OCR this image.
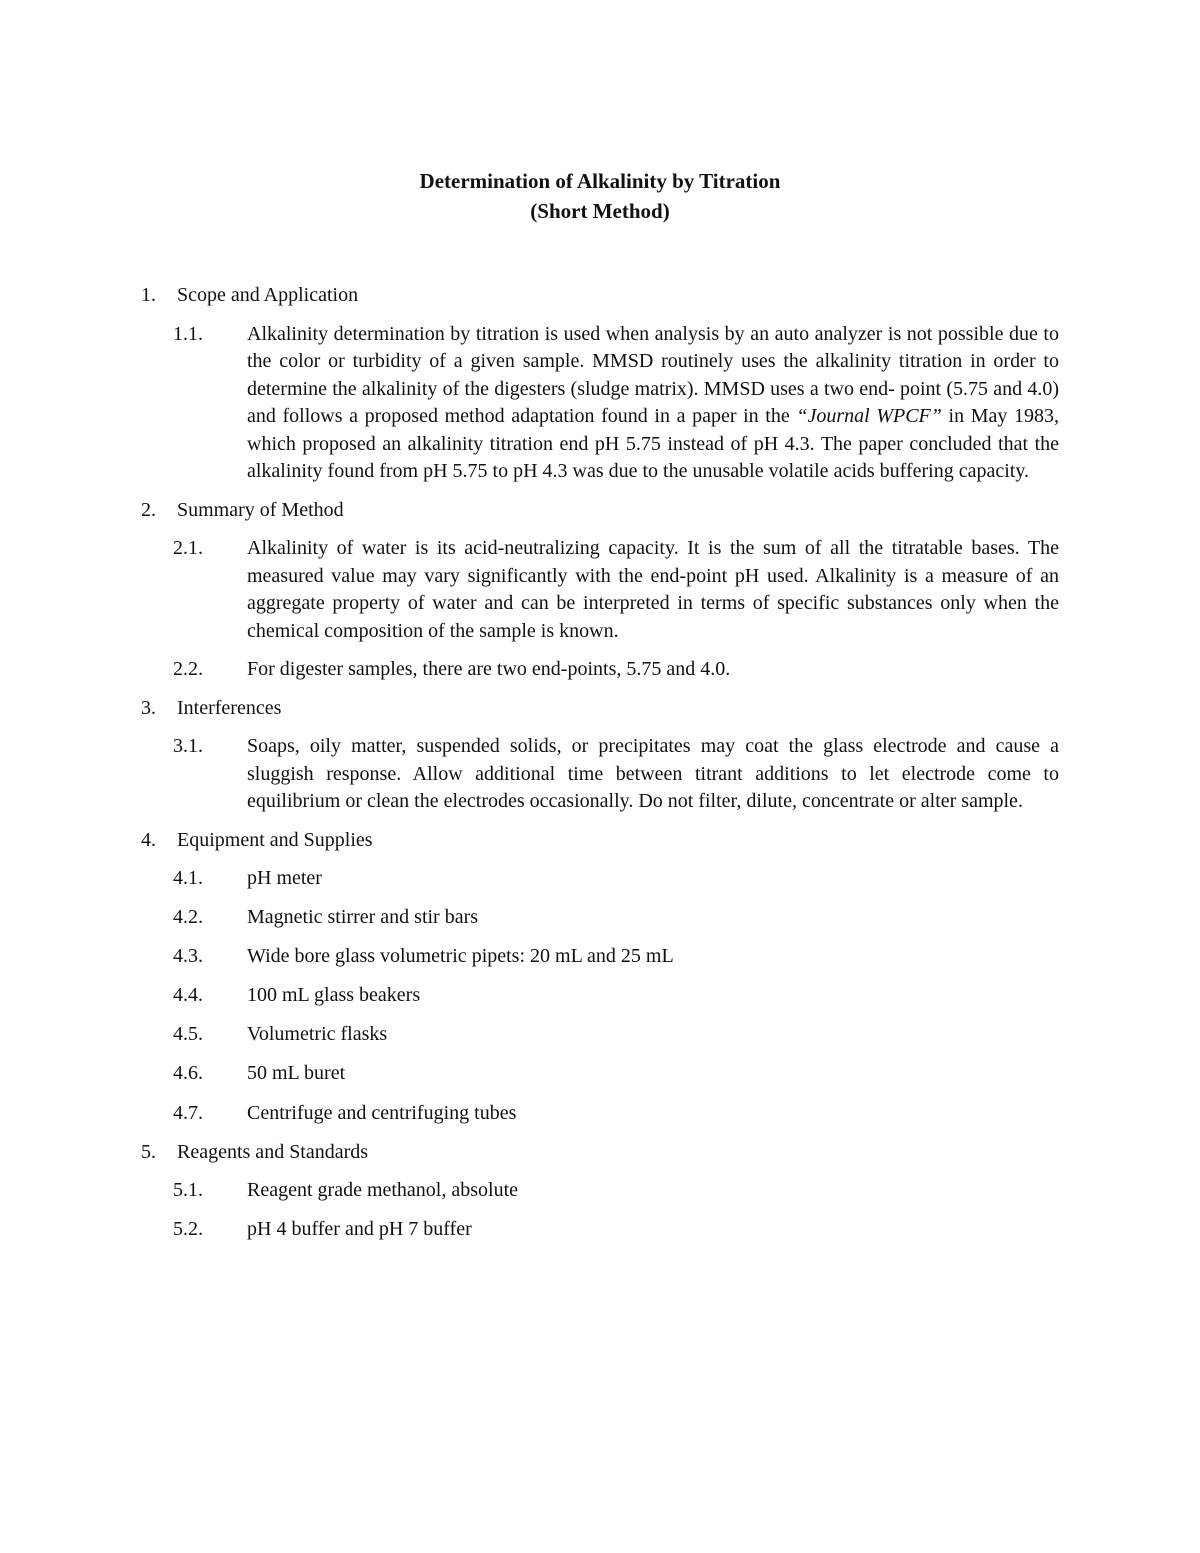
Determination of Alkalinity by Titration
(Short Method)
1.	Scope and Application
1.1.	Alkalinity determination by titration is used when analysis by an auto analyzer is not possible due to the color or turbidity of a given sample. MMSD routinely uses the alkalinity titration in order to determine the alkalinity of the digesters (sludge matrix). MMSD uses a two end- point (5.75 and 4.0) and follows a proposed method adaptation found in a paper in the “Journal WPCF” in May 1983, which proposed an alkalinity titration end pH 5.75 instead of pH 4.3. The paper concluded that the alkalinity found from pH 5.75 to pH 4.3 was due to the unusable volatile acids buffering capacity.
2.	Summary of Method
2.1.	Alkalinity of water is its acid-neutralizing capacity. It is the sum of all the titratable bases. The measured value may vary significantly with the end-point pH used. Alkalinity is a measure of an aggregate property of water and can be interpreted in terms of specific substances only when the chemical composition of the sample is known.
2.2.	For digester samples, there are two end-points, 5.75 and 4.0.
3.	Interferences
3.1.	Soaps, oily matter, suspended solids, or precipitates may coat the glass electrode and cause a sluggish response. Allow additional time between titrant additions to let electrode come to equilibrium or clean the electrodes occasionally. Do not filter, dilute, concentrate or alter sample.
4.	Equipment and Supplies
4.1.	pH meter
4.2.	Magnetic stirrer and stir bars
4.3.	Wide bore glass volumetric pipets: 20 mL and 25 mL
4.4.	100 mL glass beakers
4.5.	Volumetric flasks
4.6.	50 mL buret
4.7.	Centrifuge and centrifuging tubes
5.	Reagents and Standards
5.1.	Reagent grade methanol, absolute
5.2.	pH 4 buffer and pH 7 buffer
